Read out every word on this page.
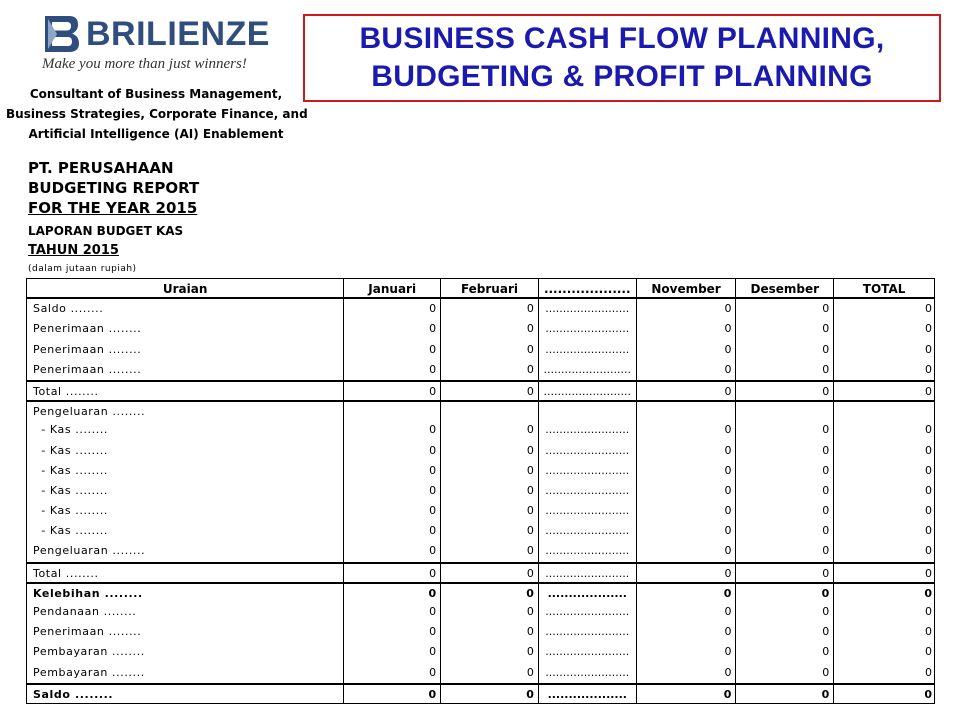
BRILIENZE
Make you more than just winners!
Consultant of Business Management,
Business Strategies, Corporate Finance, and
Artificial Intelligence (AI) Enablement
BUSINESS CASH FLOW PLANNING,
BUDGETING & PROFIT PLANNING
PT. PERUSAHAAN
BUDGETING REPORT
FOR THE YEAR 2015
LAPORAN BUDGET KAS
TAHUN 2015
(dalam jutaan rupiah)
Uraian	Januari	Februari	...................	November	Desember	TOTAL
Saldo ........	0	0	........................	0	0	0
Penerimaan ........	0	0	........................	0	0	0
Penerimaan ........	0	0	........................	0	0	0
Penerimaan ........	0	0 .........................	0	0	0
Total ........	0	0 .........................	0	0	0
Pengeluaran ........
- Kas ........	0	0	........................	0	0	0
- Kas ........	0	0	........................	0	0	0
- Kas ........	0	0	........................	0	0	0
- Kas ........	0	0	........................	0	0	0
- Kas ........	0	0	........................	0	0	0
- Kas ........	0	0	........................	0	0	0
Pengeluaran ........	0	0	........................	0	0	0
Total ........	0	0	........................	0	0	0
Kelebihan ........	0	0	...................	0	0	0
Pendanaan ........	0	0	........................	0	0	0
Penerimaan ........	0	0	........................	0	0	0
Pembayaran ........	0	0	........................	0	0	0
Pembayaran ........	0	0	........................	0	0	0
Saldo ........	0	0	...................	0	0	0
